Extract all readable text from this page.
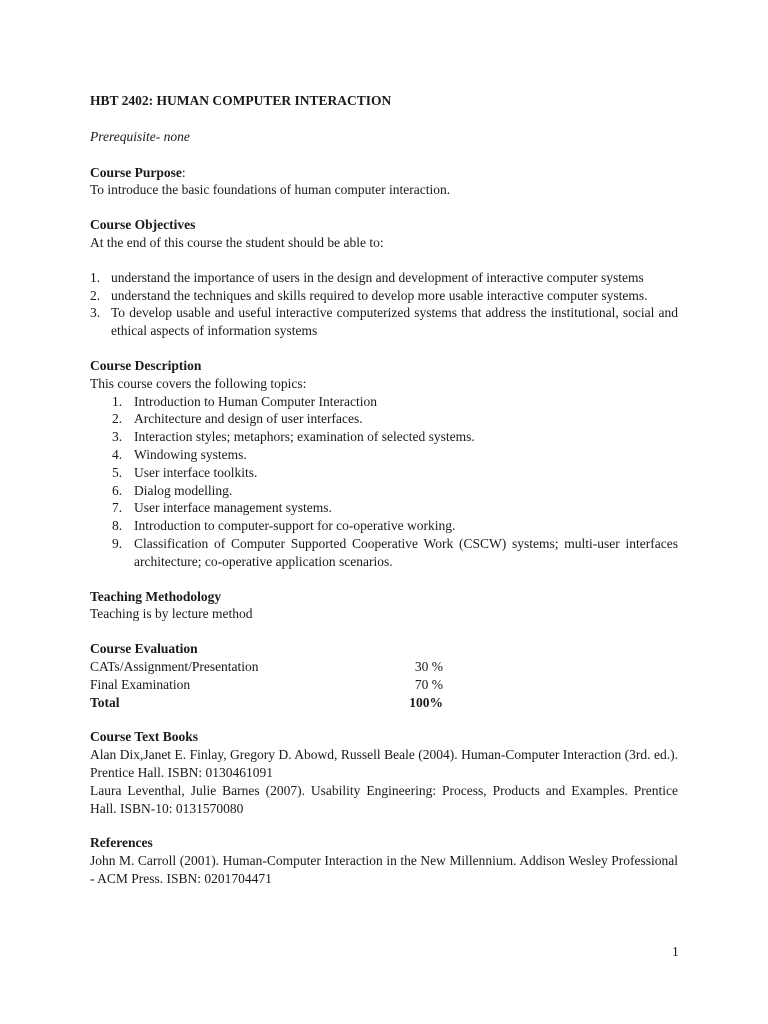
HBT 2402: HUMAN COMPUTER INTERACTION
Prerequisite- none
Course Purpose:

To introduce the basic foundations of human computer interaction.

Course Objectives

At the end of this course the student should be able to:

1. understand the importance of users in the design and development of interactive computer systems
2. understand the techniques and skills required to develop more usable interactive computer systems.
3. To develop usable and useful interactive computerized systems that address the institutional, social and ethical aspects of information systems
Course Description

This course covers the following topics:

1. Introduction to Human Computer Interaction
2. Architecture and design of user interfaces.
3. Interaction styles; metaphors; examination of selected systems.
4. Windowing systems.
5. User interface toolkits.
6. Dialog modelling.
7. User interface management systems.
8. Introduction to computer-support for co-operative working.
9. Classification of Computer Supported Cooperative Work (CSCW) systems; multi-user interfaces architecture; co-operative application scenarios.
Teaching Methodology

Teaching is by lecture method

Course Evaluation
CATs/Assignment/Presentation	30 %
Final Examination	70 %
Total	100%
Course Text Books

Alan Dix,Janet E. Finlay, Gregory D. Abowd, Russell Beale (2004). Human-Computer Interaction (3rd. ed.). Prentice Hall. ISBN: 0130461091

Laura Leventhal, Julie Barnes (2007). Usability Engineering: Process, Products and Examples. Prentice Hall. ISBN-10: 0131570080

References

John M. Carroll (2001). Human-Computer Interaction in the New Millennium. Addison Wesley Professional - ACM Press. ISBN: 0201704471

1
